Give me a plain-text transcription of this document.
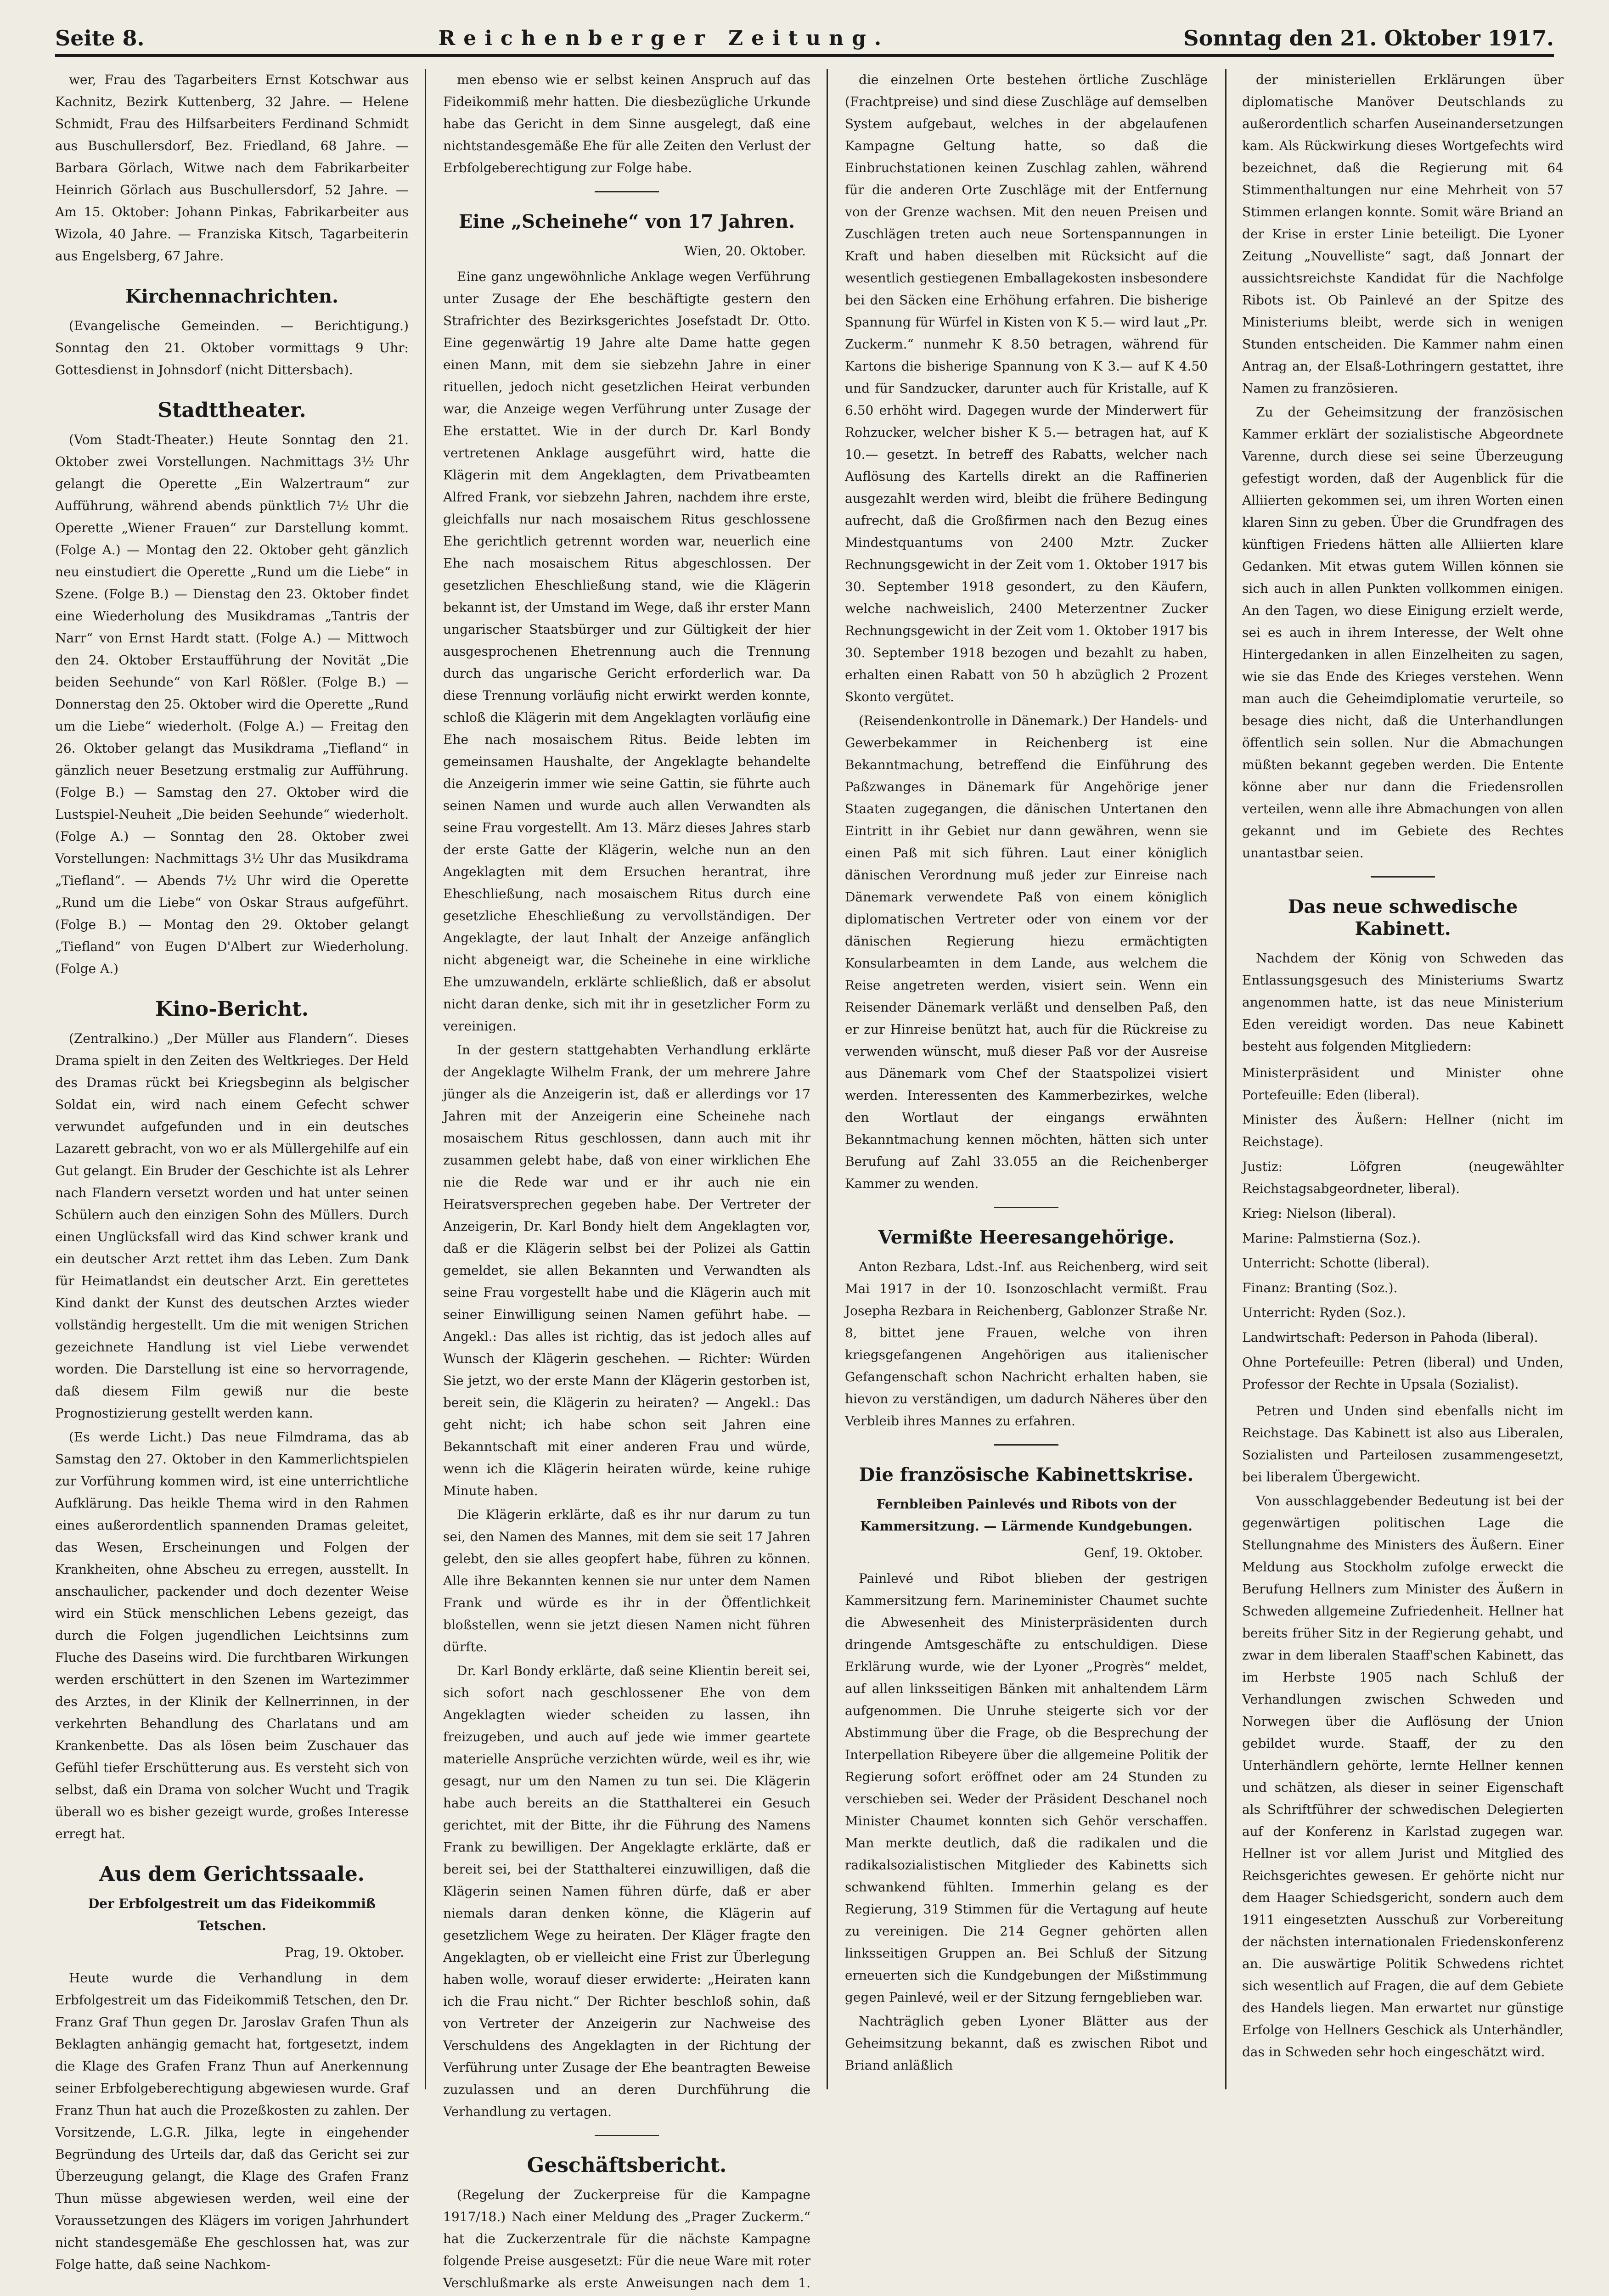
Seite 8.	Reichenberger Zeitung.	Sonntag den 21. Oktober 1917.

wer, Frau des Tagarbeiters Ernst Kotschwar aus Kachnitz, Bezirk Kuttenberg, 32 Jahre. — Helene Schmidt, Frau des Hilfsarbeiters Ferdinand Schmidt aus Buschullersdorf, Bez. Friedland, 68 Jahre. — Barbara Görlach, Witwe nach dem Fabrikarbeiter Heinrich Görlach aus Buschullersdorf, 52 Jahre. — Am 15. Oktober: Johann Pinkas, Fabrikarbeiter aus Wizola, 40 Jahre. — Franziska Kitsch, Tagarbeiterin aus Engelsberg, 67 Jahre.

Kirchennachrichten.

(Evangelische Gemeinden. — Berichtigung.) Sonntag den 21. Oktober vormittags 9 Uhr: Gottesdienst in Johnsdorf (nicht Dittersbach).

Stadttheater.

(Vom Stadt-Theater.) Heute Sonntag den 21. Oktober zwei Vorstellungen. Nachmittags 3½ Uhr gelangt die Operette „Ein Walzertraum“ zur Aufführung, während abends pünktlich 7½ Uhr die Operette „Wiener Frauen“ zur Darstellung kommt. (Folge A.) — Montag den 22. Oktober geht gänzlich neu einstudiert die Operette „Rund um die Liebe“ in Szene. (Folge B.) — Dienstag den 23. Oktober findet eine Wiederholung des Musikdramas „Tantris der Narr“ von Ernst Hardt statt. (Folge A.) — Mittwoch den 24. Oktober Erstaufführung der Novität „Die beiden Seehunde“ von Karl Rößler. (Folge B.) — Donnerstag den 25. Oktober wird die Operette „Rund um die Liebe“ wiederholt. (Folge A.) — Freitag den 26. Oktober gelangt das Musikdrama „Tiefland“ in gänzlich neuer Besetzung erstmalig zur Aufführung. (Folge B.) — Samstag den 27. Oktober wird die Lustspiel-Neuheit „Die beiden Seehunde“ wiederholt. (Folge A.) — Sonntag den 28. Oktober zwei Vorstellungen: Nachmittags 3½ Uhr das Musikdrama „Tiefland“. — Abends 7½ Uhr wird die Operette „Rund um die Liebe“ von Oskar Straus aufgeführt. (Folge B.) — Montag den 29. Oktober gelangt „Tiefland“ von Eugen D'Albert zur Wiederholung. (Folge A.)

Kino-Bericht.

(Zentralkino.) „Der Müller aus Flandern“. Dieses Drama spielt in den Zeiten des Weltkrieges. Der Held des Dramas rückt bei Kriegsbeginn als belgischer Soldat ein, wird nach einem Gefecht schwer verwundet aufgefunden und in ein deutsches Lazarett gebracht, von wo er als Müllergehilfe auf ein Gut gelangt. Ein Bruder der Geschichte ist als Lehrer nach Flandern versetzt worden und hat unter seinen Schülern auch den einzigen Sohn des Müllers. Durch einen Unglücksfall wird das Kind schwer krank und ein deutscher Arzt rettet ihm das Leben. Zum Dank für Heimatlandst ein deutscher Arzt. Ein gerettetes Kind dankt der Kunst des deutschen Arztes wieder vollständig hergestellt. Um die mit wenigen Strichen gezeichnete Handlung ist viel Liebe verwendet worden. Die Darstellung ist eine so hervorragende, daß diesem Film gewiß nur die beste Prognostizierung gestellt werden kann.

(Es werde Licht.) Das neue Filmdrama, das ab Samstag den 27. Oktober in den Kammerlichtspielen zur Vorführung kommen wird, ist eine unterrichtliche Aufklärung. Das heikle Thema wird in den Rahmen eines außerordentlich spannenden Dramas geleitet, das Wesen, Erscheinungen und Folgen der Krankheiten, ohne Abscheu zu erregen, ausstellt. In anschaulicher, packender und doch dezenter Weise wird ein Stück menschlichen Lebens gezeigt, das durch die Folgen jugendlichen Leichtsinns zum Fluche des Daseins wird. Die furchtbaren Wirkungen werden erschüttert in den Szenen im Wartezimmer des Arztes, in der Klinik der Kellnerrinnen, in der verkehrten Behandlung des Charlatans und am Krankenbette. Das als lösen beim Zuschauer das Gefühl tiefer Erschütterung aus. Es versteht sich von selbst, daß ein Drama von solcher Wucht und Tragik überall wo es bisher gezeigt wurde, großes Interesse erregt hat.

Aus dem Gerichtssaale.
Der Erbfolgestreit um das Fideikommiß Tetschen.
Prag, 19. Oktober.

Heute wurde die Verhandlung in dem Erbfolgestreit um das Fideikommiß Tetschen, den Dr. Franz Graf Thun gegen Dr. Jaroslav Grafen Thun als Beklagten anhängig gemacht hat, fortgesetzt, indem die Klage des Grafen Franz Thun auf Anerkennung seiner Erbfolgeberechtigung abgewiesen wurde. Graf Franz Thun hat auch die Prozeßkosten zu zahlen. Der Vorsitzende, L.G.R. Jilka, legte in eingehender Begründung des Urteils dar, daß das Gericht sei zur Überzeugung gelangt, die Klage des Grafen Franz Thun müsse abgewiesen werden, weil eine der Voraussetzungen des Klägers im vorigen Jahrhundert nicht standesgemäße Ehe geschlossen hat, was zur Folge hatte, daß seine Nachkom-

men ebenso wie er selbst keinen Anspruch auf das Fideikommiß mehr hatten. Die diesbezügliche Urkunde habe das Gericht in dem Sinne ausgelegt, daß eine nichtstandesgemäße Ehe für alle Zeiten den Verlust der Erbfolgeberechtigung zur Folge habe.

Eine „Scheinehe“ von 17 Jahren.
Wien, 20. Oktober.

Eine ganz ungewöhnliche Anklage wegen Verführung unter Zusage der Ehe beschäftigte gestern den Strafrichter des Bezirksgerichtes Josefstadt Dr. Otto. Eine gegenwärtig 19 Jahre alte Dame hatte gegen einen Mann, mit dem sie siebzehn Jahre in einer rituellen, jedoch nicht gesetzlichen Heirat verbunden war, die Anzeige wegen Verführung unter Zusage der Ehe erstattet. Wie in der durch Dr. Karl Bondy vertretenen Anklage ausgeführt wird, hatte die Klägerin mit dem Angeklagten, dem Privatbeamten Alfred Frank, vor siebzehn Jahren, nachdem ihre erste, gleichfalls nur nach mosaischem Ritus geschlossene Ehe gerichtlich getrennt worden war, neuerlich eine Ehe nach mosaischem Ritus abgeschlossen. Der gesetzlichen Eheschließung stand, wie die Klägerin bekannt ist, der Umstand im Wege, daß ihr erster Mann ungarischer Staatsbürger und zur Gültigkeit der hier ausgesprochenen Ehetrennung auch die Trennung durch das ungarische Gericht erforderlich war. Da diese Trennung vorläufig nicht erwirkt werden konnte, schloß die Klägerin mit dem Angeklagten vorläufig eine Ehe nach mosaischem Ritus. Beide lebten im gemeinsamen Haushalte, der Angeklagte behandelte die Anzeigerin immer wie seine Gattin, sie führte auch seinen Namen und wurde auch allen Verwandten als seine Frau vorgestellt. Am 13. März dieses Jahres starb der erste Gatte der Klägerin, welche nun an den Angeklagten mit dem Ersuchen herantrat, ihre Eheschließung, nach mosaischem Ritus durch eine gesetzliche Eheschließung zu vervollständigen. Der Angeklagte, der laut Inhalt der Anzeige anfänglich nicht abgeneigt war, die Scheinehe in eine wirkliche Ehe umzuwandeln, erklärte schließlich, daß er absolut nicht daran denke, sich mit ihr in gesetzlicher Form zu vereinigen.

In der gestern stattgehabten Verhandlung erklärte der Angeklagte Wilhelm Frank, der um mehrere Jahre jünger als die Anzeigerin ist, daß er allerdings vor 17 Jahren mit der Anzeigerin eine Scheinehe nach mosaischem Ritus geschlossen, dann auch mit ihr zusammen gelebt habe, daß von einer wirklichen Ehe nie die Rede war und er ihr auch nie ein Heiratsversprechen gegeben habe. Der Vertreter der Anzeigerin, Dr. Karl Bondy hielt dem Angeklagten vor, daß er die Klägerin selbst bei der Polizei als Gattin gemeldet, sie allen Bekannten und Verwandten als seine Frau vorgestellt habe und die Klägerin auch mit seiner Einwilligung seinen Namen geführt habe. — Angekl.: Das alles ist richtig, das ist jedoch alles auf Wunsch der Klägerin geschehen. — Richter: Würden Sie jetzt, wo der erste Mann der Klägerin gestorben ist, bereit sein, die Klägerin zu heiraten? — Angekl.: Das geht nicht; ich habe schon seit Jahren eine Bekanntschaft mit einer anderen Frau und würde, wenn ich die Klägerin heiraten würde, keine ruhige Minute haben.

Die Klägerin erklärte, daß es ihr nur darum zu tun sei, den Namen des Mannes, mit dem sie seit 17 Jahren gelebt, den sie alles geopfert habe, führen zu können. Alle ihre Bekannten kennen sie nur unter dem Namen Frank und würde es ihr in der Öffentlichkeit bloßstellen, wenn sie jetzt diesen Namen nicht führen dürfte.

Dr. Karl Bondy erklärte, daß seine Klientin bereit sei, sich sofort nach geschlossener Ehe von dem Angeklagten wieder scheiden zu lassen, ihn freizugeben, und auch auf jede wie immer geartete materielle Ansprüche verzichten würde, weil es ihr, wie gesagt, nur um den Namen zu tun sei. Die Klägerin habe auch bereits an die Statthalterei ein Gesuch gerichtet, mit der Bitte, ihr die Führung des Namens Frank zu bewilligen. Der Angeklagte erklärte, daß er bereit sei, bei der Statthalterei einzuwilligen, daß die Klägerin seinen Namen führen dürfe, daß er aber niemals daran denken könne, die Klägerin auf gesetzlichem Wege zu heiraten. Der Kläger fragte den Angeklagten, ob er vielleicht eine Frist zur Überlegung haben wolle, worauf dieser erwiderte: „Heiraten kann ich die Frau nicht.“ Der Richter beschloß sohin, daß von Vertreter der Anzeigerin zur Nachweise des Verschuldens des Angeklagten in der Richtung der Verführung unter Zusage der Ehe beantragten Beweise zuzulassen und an deren Durchführung die Verhandlung zu vertagen.

Geschäftsbericht.

(Regelung der Zuckerpreise für die Kampagne 1917/18.) Nach einer Meldung des „Prager Zuckerm.“ hat die Zuckerzentrale für die nächste Kampagne folgende Preise ausgesetzt: Für die neue Ware mit roter Verschlußmarke als erste Anweisungen nach dem 1.

die einzelnen Orte bestehen örtliche Zuschläge (Frachtpreise) und sind diese Zuschläge auf demselben System aufgebaut, welches in der abgelaufenen Kampagne Geltung hatte, so daß die Einbruchstationen keinen Zuschlag zahlen, während für die anderen Orte Zuschläge mit der Entfernung von der Grenze wachsen. Mit den neuen Preisen und Zuschlägen treten auch neue Sortenspannungen in Kraft und haben dieselben mit Rücksicht auf die wesentlich gestiegenen Emballagekosten insbesondere bei den Säcken eine Erhöhung erfahren. Die bisherige Spannung für Würfel in Kisten von K 5.— wird laut „Pr. Zuckerm.“ nunmehr K 8.50 betragen, während für Kartons die bisherige Spannung von K 3.— auf K 4.50 und für Sandzucker, darunter auch für Kristalle, auf K 6.50 erhöht wird. Dagegen wurde der Minderwert für Rohzucker, welcher bisher K 5.— betragen hat, auf K 10.— gesetzt. In betreff des Rabatts, welcher nach Auflösung des Kartells direkt an die Raffinerien ausgezahlt werden wird, bleibt die frühere Bedingung aufrecht, daß die Großfirmen nach den Bezug eines Mindestquantums von 2400 Mztr. Zucker Rechnungsgewicht in der Zeit vom 1. Oktober 1917 bis 30. September 1918 gesondert, zu den Käufern, welche nachweislich, 2400 Meterzentner Zucker Rechnungsgewicht in der Zeit vom 1. Oktober 1917 bis 30. September 1918 bezogen und bezahlt zu haben, erhalten einen Rabatt von 50 h abzüglich 2 Prozent Skonto vergütet.

(Reisendenkontrolle in Dänemark.) Der Handels- und Gewerbekammer in Reichenberg ist eine Bekanntmachung, betreffend die Einführung des Paßzwanges in Dänemark für Angehörige jener Staaten zugegangen, die dänischen Untertanen den Eintritt in ihr Gebiet nur dann gewähren, wenn sie einen Paß mit sich führen. Laut einer königlich dänischen Verordnung muß jeder zur Einreise nach Dänemark verwendete Paß von einem königlich diplomatischen Vertreter oder von einem vor der dänischen Regierung hiezu ermächtigten Konsularbeamten in dem Lande, aus welchem die Reise angetreten werden, visiert sein. Wenn ein Reisender Dänemark verläßt und denselben Paß, den er zur Hinreise benützt hat, auch für die Rückreise zu verwenden wünscht, muß dieser Paß vor der Ausreise aus Dänemark vom Chef der Staatspolizei visiert werden. Interessenten des Kammerbezirkes, welche den Wortlaut der eingangs erwähnten Bekanntmachung kennen möchten, hätten sich unter Berufung auf Zahl 33.055 an die Reichenberger Kammer zu wenden.

Vermißte Heeresangehörige.

Anton Rezbara, Ldst.-Inf. aus Reichenberg, wird seit Mai 1917 in der 10. Isonzoschlacht vermißt. Frau Josepha Rezbara in Reichenberg, Gablonzer Straße Nr. 8, bittet jene Frauen, welche von ihren kriegsgefangenen Angehörigen aus italienischer Gefangenschaft schon Nachricht erhalten haben, sie hievon zu verständigen, um dadurch Näheres über den Verbleib ihres Mannes zu erfahren.

Die französische Kabinettskrise.
Fernbleiben Painlevés und Ribots von der Kammersitzung. — Lärmende Kundgebungen.
Genf, 19. Oktober.

Painlevé und Ribot blieben der gestrigen Kammersitzung fern. Marineminister Chaumet suchte die Abwesenheit des Ministerpräsidenten durch dringende Amtsgeschäfte zu entschuldigen. Diese Erklärung wurde, wie der Lyoner „Progrès“ meldet, auf allen linksseitigen Bänken mit anhaltendem Lärm aufgenommen. Die Unruhe steigerte sich vor der Abstimmung über die Frage, ob die Besprechung der Interpellation Ribeyere über die allgemeine Politik der Regierung sofort eröffnet oder am 24 Stunden zu verschieben sei. Weder der Präsident Deschanel noch Minister Chaumet konnten sich Gehör verschaffen. Man merkte deutlich, daß die radikalen und die radikalsozialistischen Mitglieder des Kabinetts sich schwankend fühlten. Immerhin gelang es der Regierung, 319 Stimmen für die Vertagung auf heute zu vereinigen. Die 214 Gegner gehörten allen linksseitigen Gruppen an. Bei Schluß der Sitzung erneuerten sich die Kundgebungen der Mißstimmung gegen Painlevé, weil er der Sitzung ferngeblieben war.

Nachträglich geben Lyoner Blätter aus der Geheimsitzung bekannt, daß es zwischen Ribot und Briand anläßlich

der ministeriellen Erklärungen über diplomatische Manöver Deutschlands zu außerordentlich scharfen Auseinandersetzungen kam. Als Rückwirkung dieses Wortgefechts wird bezeichnet, daß die Regierung mit 64 Stimmenthaltungen nur eine Mehrheit von 57 Stimmen erlangen konnte. Somit wäre Briand an der Krise in erster Linie beteiligt. Die Lyoner Zeitung „Nouvelliste“ sagt, daß Jonnart der aussichtsreichste Kandidat für die Nachfolge Ribots ist. Ob Painlevé an der Spitze des Ministeriums bleibt, werde sich in wenigen Stunden entscheiden. Die Kammer nahm einen Antrag an, der Elsaß-Lothringern gestattet, ihre Namen zu französieren.

Zu der Geheimsitzung der französischen Kammer erklärt der sozialistische Abgeordnete Varenne, durch diese sei seine Überzeugung gefestigt worden, daß der Augenblick für die Alliierten gekommen sei, um ihren Worten einen klaren Sinn zu geben. Über die Grundfragen des künftigen Friedens hätten alle Alliierten klare Gedanken. Mit etwas gutem Willen können sie sich auch in allen Punkten vollkommen einigen. An den Tagen, wo diese Einigung erzielt werde, sei es auch in ihrem Interesse, der Welt ohne Hintergedanken in allen Einzelheiten zu sagen, wie sie das Ende des Krieges verstehen. Wenn man auch die Geheimdiplomatie verurteile, so besage dies nicht, daß die Unterhandlungen öffentlich sein sollen. Nur die Abmachungen müßten bekannt gegeben werden. Die Entente könne aber nur dann die Friedensrollen verteilen, wenn alle ihre Abmachungen von allen gekannt und im Gebiete des Rechtes unantastbar seien.

Das neue schwedische Kabinett.

Nachdem der König von Schweden das Entlassungsgesuch des Ministeriums Swartz angenommen hatte, ist das neue Ministerium Eden vereidigt worden. Das neue Kabinett besteht aus folgenden Mitgliedern:

Ministerpräsident und Minister ohne Portefeuille: Eden (liberal).
Minister des Äußern: Hellner (nicht im Reichstage).
Justiz: Löfgren (neugewählter Reichstagsabgeordneter, liberal).
Krieg: Nielson (liberal).
Marine: Palmstierna (Soz.).
Unterricht: Schotte (liberal).
Finanz: Branting (Soz.).
Unterricht: Ryden (Soz.).
Landwirtschaft: Pederson in Pahoda (liberal).
Ohne Portefeuille: Petren (liberal) und Unden, Professor der Rechte in Upsala (Sozialist).

Petren und Unden sind ebenfalls nicht im Reichstage. Das Kabinett ist also aus Liberalen, Sozialisten und Parteilosen zusammengesetzt, bei liberalem Übergewicht.

Von ausschlaggebender Bedeutung ist bei der gegenwärtigen politischen Lage die Stellungnahme des Ministers des Äußern. Einer Meldung aus Stockholm zufolge erweckt die Berufung Hellners zum Minister des Äußern in Schweden allgemeine Zufriedenheit. Hellner hat bereits früher Sitz in der Regierung gehabt, und zwar in dem liberalen Staaff'schen Kabinett, das im Herbste 1905 nach Schluß der Verhandlungen zwischen Schweden und Norwegen über die Auflösung der Union gebildet wurde. Staaff, der zu den Unterhändlern gehörte, lernte Hellner kennen und schätzen, als dieser in seiner Eigenschaft als Schriftführer der schwedischen Delegierten auf der Konferenz in Karlstad zugegen war. Hellner ist vor allem Jurist und Mitglied des Reichsgerichtes gewesen. Er gehörte nicht nur dem Haager Schiedsgericht, sondern auch dem 1911 eingesetzten Ausschuß zur Vorbereitung der nächsten internationalen Friedenskonferenz an. Die auswärtige Politik Schwedens richtet sich wesentlich auf Fragen, die auf dem Gebiete des Handels liegen. Man erwartet nur günstige Erfolge von Hellners Geschick als Unterhändler, das in Schweden sehr hoch eingeschätzt wird.
